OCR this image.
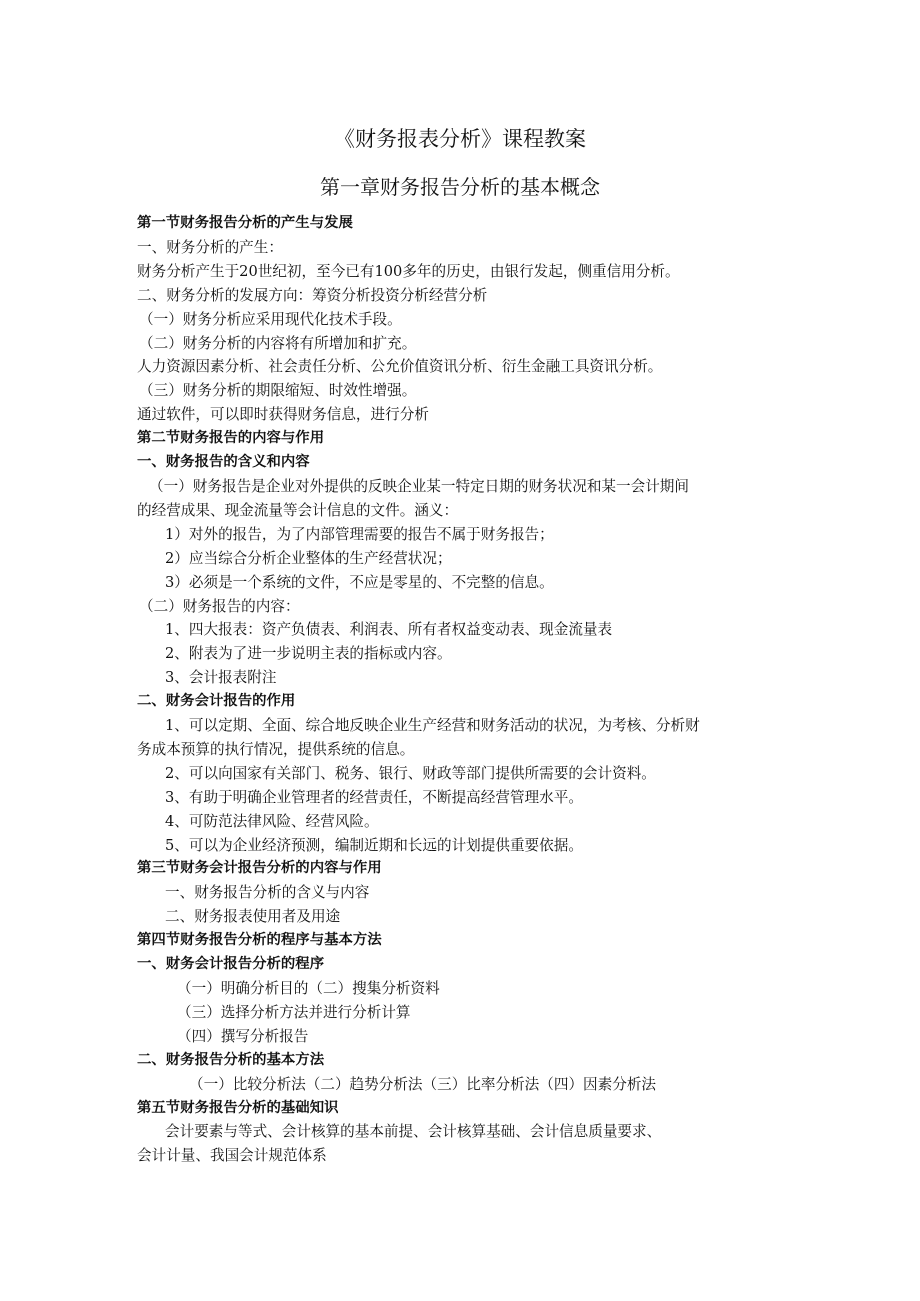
《财务报表分析》课程教案
第一章财务报告分析的基本概念

第一节财务报告分析的产生与发展

一、财务分析的产生：

财务分析产生于20世纪初，至今已有100多年的历史，由银行发起，侧重信用分析。

二、财务分析的发展方向：筹资分析投资分析经营分析

（一）财务分析应采用现代化技术手段。

（二）财务分析的内容将有所增加和扩充。

人力资源因素分析、社会责任分析、公允价值资讯分析、衍生金融工具资讯分析。

（三）财务分析的期限缩短、时效性增强。

通过软件，可以即时获得财务信息，进行分析

第二节财务报告的内容与作用

一、财务报告的含义和内容

（一）财务报告是企业对外提供的反映企业某一特定日期的财务状况和某一会计期间

的经营成果、现金流量等会计信息的文件。涵义：

1）对外的报告，为了内部管理需要的报告不属于财务报告；

2）应当综合分析企业整体的生产经营状况；

3）必须是一个系统的文件，不应是零星的、不完整的信息。

（二）财务报告的内容：

1、四大报表：资产负债表、利润表、所有者权益变动表、现金流量表

2、附表为了进一步说明主表的指标或内容。

3、会计报表附注

二、财务会计报告的作用

1、可以定期、全面、综合地反映企业生产经营和财务活动的状况，为考核、分析财

务成本预算的执行情况，提供系统的信息。

2、可以向国家有关部门、税务、银行、财政等部门提供所需要的会计资料。

3、有助于明确企业管理者的经营责任，不断提高经营管理水平。

4、可防范法律风险、经营风险。

5、可以为企业经济预测，编制近期和长远的计划提供重要依据。

第三节财务会计报告分析的内容与作用

一、财务报告分析的含义与内容

二、财务报表使用者及用途

第四节财务报告分析的程序与基本方法

一、财务会计报告分析的程序

（一）明确分析目的（二）搜集分析资料

（三）选择分析方法并进行分析计算

（四）撰写分析报告

二、财务报告分析的基本方法

（一）比较分析法（二）趋势分析法（三）比率分析法（四）因素分析法

第五节财务报告分析的基础知识

会计要素与等式、会计核算的基本前提、会计核算基础、会计信息质量要求、

会计计量、我国会计规范体系
